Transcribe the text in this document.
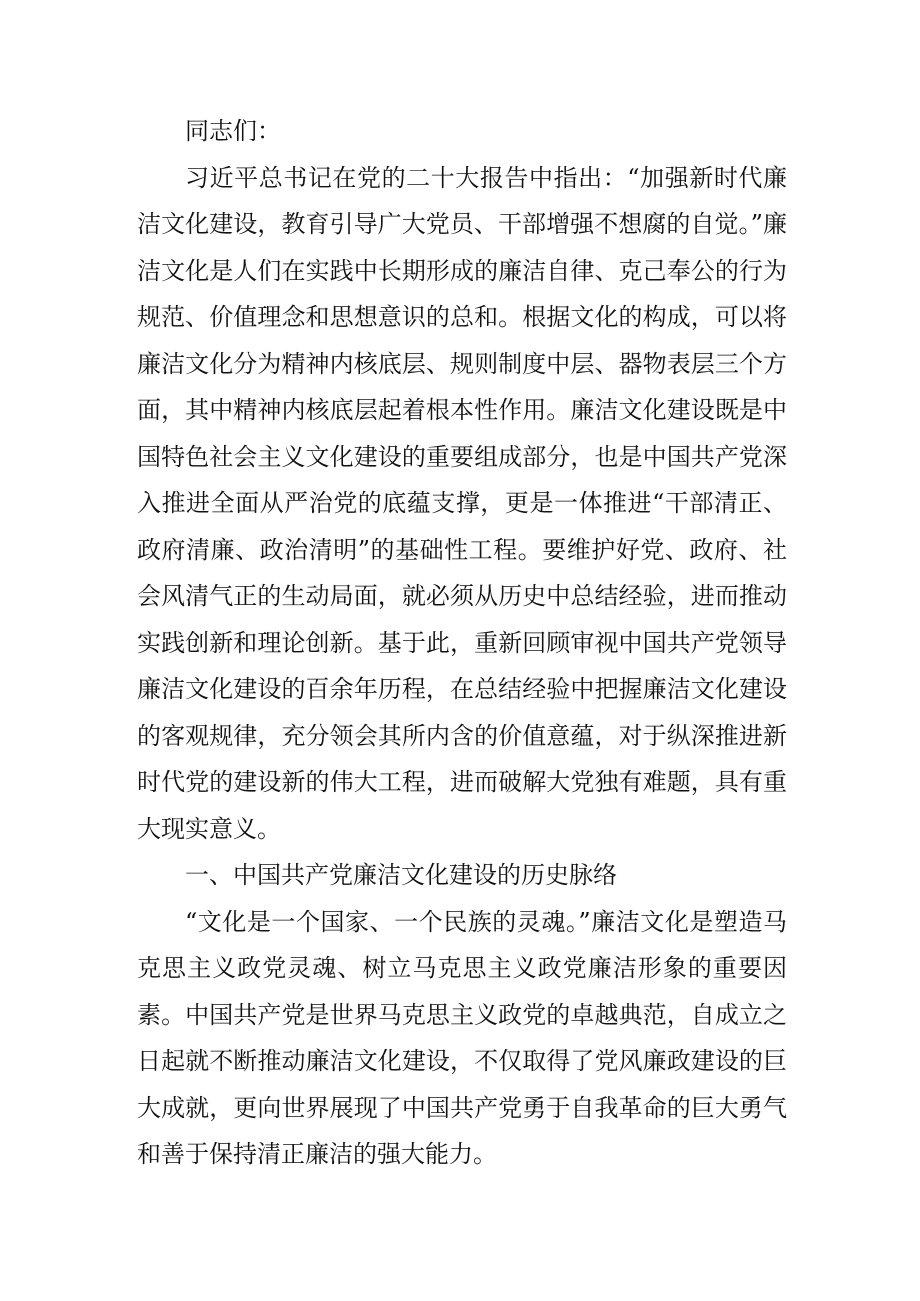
同志们：

习近平总书记在党的二十大报告中指出：“加强新时代廉洁文化建设，教育引导广大党员、干部增强不想腐的自觉。”廉洁文化是人们在实践中长期形成的廉洁自律、克己奉公的行为规范、价值理念和思想意识的总和。根据文化的构成，可以将廉洁文化分为精神内核底层、规则制度中层、器物表层三个方面，其中精神内核底层起着根本性作用。廉洁文化建设既是中国特色社会主义文化建设的重要组成部分，也是中国共产党深入推进全面从严治党的底蕴支撑，更是一体推进“干部清正、政府清廉、政治清明”的基础性工程。要维护好党、政府、社会风清气正的生动局面，就必须从历史中总结经验，进而推动实践创新和理论创新。基于此，重新回顾审视中国共产党领导廉洁文化建设的百余年历程，在总结经验中把握廉洁文化建设的客观规律，充分领会其所内含的价值意蕴，对于纵深推进新时代党的建设新的伟大工程，进而破解大党独有难题，具有重大现实意义。

一、中国共产党廉洁文化建设的历史脉络

“文化是一个国家、一个民族的灵魂。”廉洁文化是塑造马克思主义政党灵魂、树立马克思主义政党廉洁形象的重要因素。中国共产党是世界马克思主义政党的卓越典范，自成立之日起就不断推动廉洁文化建设，不仅取得了党风廉政建设的巨大成就，更向世界展现了中国共产党勇于自我革命的巨大勇气和善于保持清正廉洁的强大能力。
